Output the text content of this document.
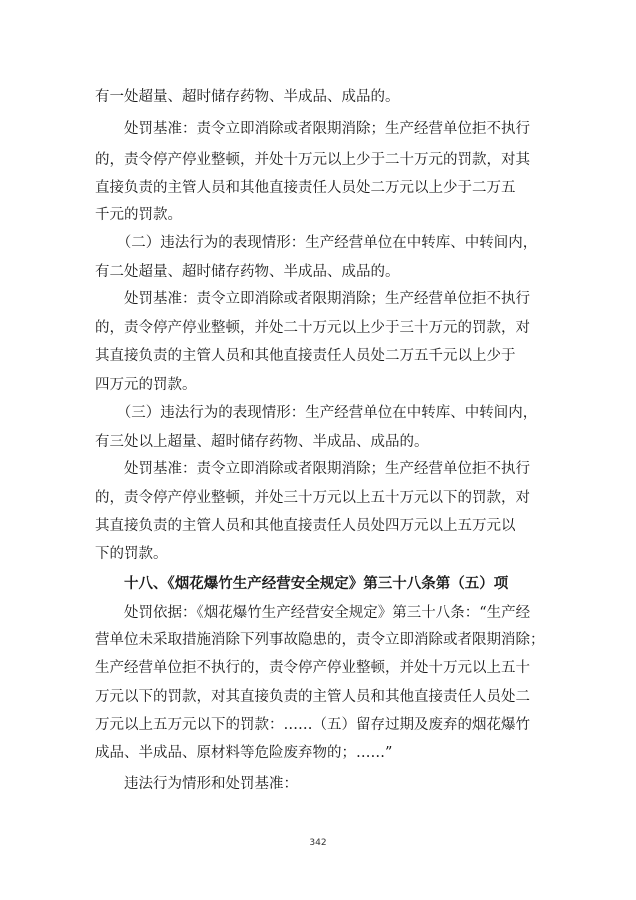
有一处超量、超时储存药物、半成品、成品的。
　　处罚基准：责令立即消除或者限期消除；生产经营单位拒不执行
的，责令停产停业整顿，并处十万元以上少于二十万元的罚款，对其
直接负责的主管人员和其他直接责任人员处二万元以上少于二万五
千元的罚款。
　　（二）违法行为的表现情形：生产经营单位在中转库、中转间内，
有二处超量、超时储存药物、半成品、成品的。
　　处罚基准：责令立即消除或者限期消除；生产经营单位拒不执行
的，责令停产停业整顿，并处二十万元以上少于三十万元的罚款，对
其直接负责的主管人员和其他直接责任人员处二万五千元以上少于
四万元的罚款。
　　（三）违法行为的表现情形：生产经营单位在中转库、中转间内，
有三处以上超量、超时储存药物、半成品、成品的。
　　处罚基准：责令立即消除或者限期消除；生产经营单位拒不执行
的，责令停产停业整顿，并处三十万元以上五十万元以下的罚款，对
其直接负责的主管人员和其他直接责任人员处四万元以上五万元以
下的罚款。
　　十八、《烟花爆竹生产经营安全规定》第三十八条第（五）项
　　处罚依据：《烟花爆竹生产经营安全规定》第三十八条：“生产经
营单位未采取措施消除下列事故隐患的，责令立即消除或者限期消除；
生产经营单位拒不执行的，责令停产停业整顿，并处十万元以上五十
万元以下的罚款，对其直接负责的主管人员和其他直接责任人员处二
万元以上五万元以下的罚款：……（五）留存过期及废弃的烟花爆竹
成品、半成品、原材料等危险废弃物的；……”
　　违法行为情形和处罚基准：
342
